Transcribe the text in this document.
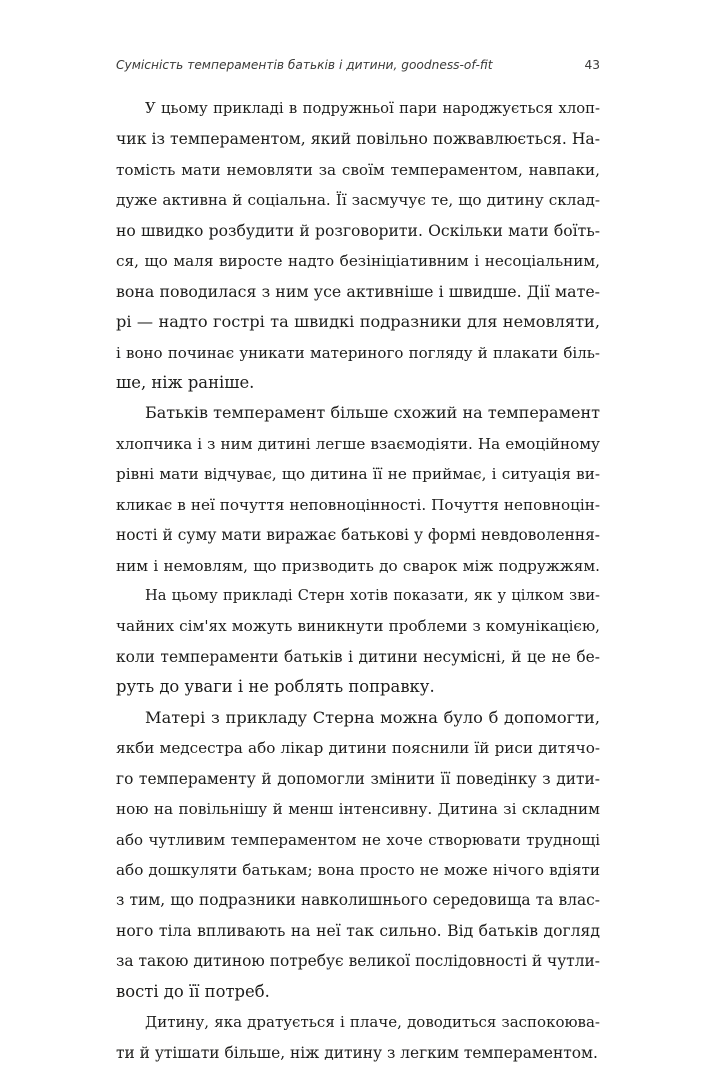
Сумісність темпераментів батьків і дитини, goodness-of-fit	43
У цьому прикладі в подружньої пари народжується хлоп-
чик із темпераментом, який повільно пожвавлюється. На-
томість мати немовляти за своїм темпераментом, навпаки,
дуже активна й соціальна. Її засмучує те, що дитину склад-
но швидко розбудити й розговорити. Оскільки мати боїть-
ся, що маля виросте надто безініціативним і несоціальним,
вона поводилася з ним усе активніше і швидше. Дії мате-
рі — надто гострі та швидкі подразники для немовляти,
і воно починає уникати материного погляду й плакати біль-
ше, ніж раніше.
Батьків темперамент більше схожий на темперамент
хлопчика і з ним дитині легше взаємодіяти. На емоційному
рівні мати відчуває, що дитина її не приймає, і ситуація ви-
кликає в неї почуття неповноцінності. Почуття неповноцін-
ності й суму мати виражає батькові у формі невдоволення-
ним і немовлям, що призводить до сварок між подружжям.
На цьому прикладі Стерн хотів показати, як у цілком зви-
чайних сім'ях можуть виникнути проблеми з комунікацією,
коли темпераменти батьків і дитини несумісні, й це не бе-
руть до уваги і не роблять поправку.
Матері з прикладу Стерна можна було б допомогти,
якби медсестра або лікар дитини пояснили їй риси дитячо-
го темпераменту й допомогли змінити її поведінку з дити-
ною на повільнішу й менш інтенсивну. Дитина зі складним
або чутливим темпераментом не хоче створювати труднощі
або дошкуляти батькам; вона просто не може нічого вдіяти
з тим, що подразники навколишнього середовища та влас-
ного тіла впливають на неї так сильно. Від батьків догляд
за такою дитиною потребує великої послідовності й чутли-
вості до її потреб.
Дитину, яка дратується і плаче, доводиться заспокоюва-
ти й утішати більше, ніж дитину з легким темпераментом.
